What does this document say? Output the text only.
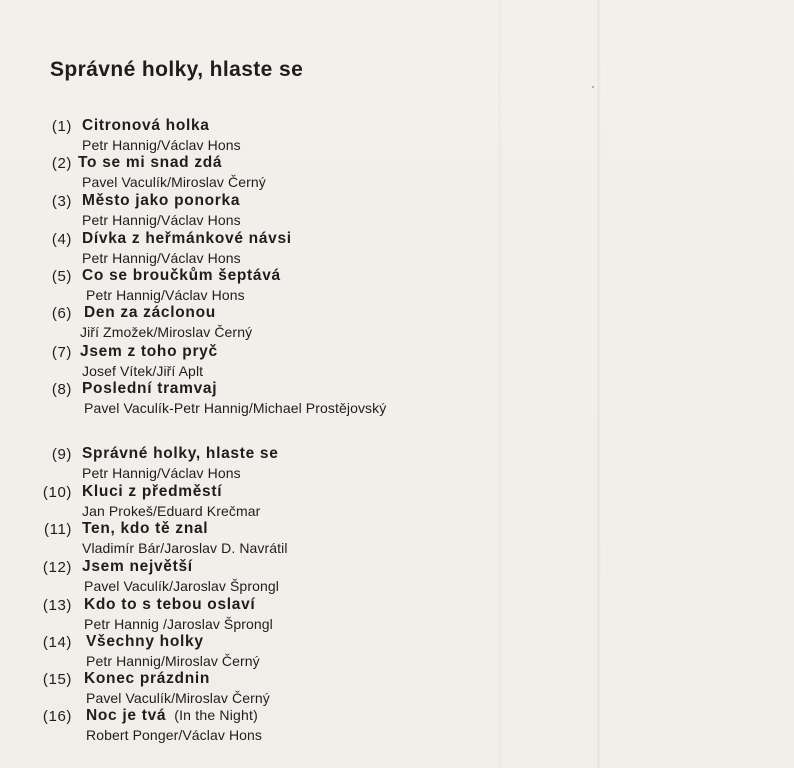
Správné holky, hlaste se
(1) Citronová holka
Petr Hannig/Václav Hons
(2) To se mi snad zdá
Pavel Vaculík/Miroslav Černý
(3) Město jako ponorka
Petr Hannig/Václav Hons
(4) Dívka z heřmánkové návsi
Petr Hannig/Václav Hons
(5) Co se broučkům šeptává
Petr Hannig/Václav Hons
(6) Den za záclonou
Jiří Zmožek/Miroslav Černý
(7) Jsem z toho pryč
Josef Vítek/Jiří Aplt
(8) Poslední tramvaj
Pavel Vaculík-Petr Hannig/Michael Prostějovský
(9) Správné holky, hlaste se
Petr Hannig/Václav Hons
(10) Kluci z předměstí
Jan Prokeš/Eduard Krečmar
(11) Ten, kdo tě znal
Vladimír Bár/Jaroslav D. Navrátil
(12) Jsem největší
Pavel Vaculík/Jaroslav Šprongl
(13) Kdo to s tebou oslaví
Petr Hannig /Jaroslav Šprongl
(14) Všechny holky
Petr Hannig/Miroslav Černý
(15) Konec prázdnin
Pavel Vaculík/Miroslav Černý
(16) Noc je tvá (In the Night)
Robert Ponger/Václav Hons
